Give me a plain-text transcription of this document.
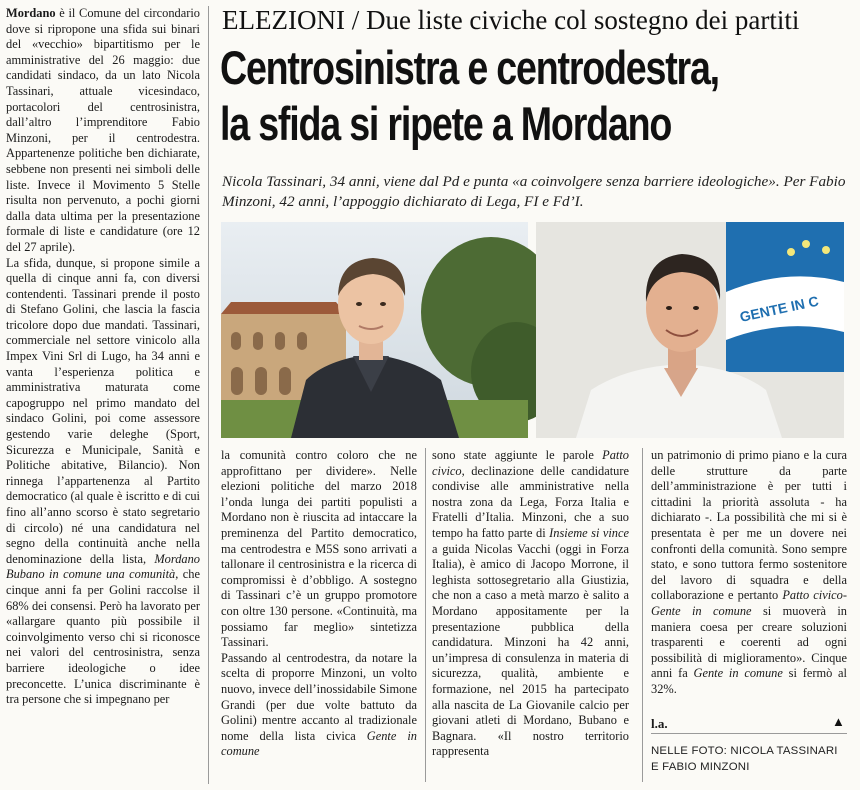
Mordano è il Comune del circondario dove si ripropone una sfida sui binari del «vecchio» bipartitismo per le amministrative del 26 maggio: due candidati sindaco, da un lato Nicola Tassinari, attuale vicesindaco, portacolori del centrosinistra, dall’altro l’imprenditore Fabio Minzoni, per il centrodestra. Appartenenze politiche ben dichiarate, sebbene non presenti nei simboli delle liste. Invece il Movimento 5 Stelle risulta non pervenuto, a pochi giorni dalla data ultima per la presentazione formale di liste e candidature (ore 12 del 27 aprile).

La sfida, dunque, si propone simile a quella di cinque anni fa, con diversi contendenti. Tassinari prende il posto di Stefano Golini, che lascia la fascia tricolore dopo due mandati. Tassinari, commerciale nel settore vinicolo alla Impex Vini Srl di Lugo, ha 34 anni e vanta l’esperienza politica e amministrativa maturata come capogruppo nel primo mandato del sindaco Golini, poi come assessore gestendo varie deleghe (Sport, Sicurezza e Municipale, Sanità e Politiche abitative, Bilancio). Non rinnega l’appartenenza al Partito democratico (al quale è iscritto e di cui fino all’anno scorso è stato segretario di circolo) né una candidatura nel segno della continuità anche nella denominazione della lista, Mordano Bubano in comune una comunità, che cinque anni fa per Golini raccolse il 68% dei consensi. Però ha lavorato per «allargare quanto più possibile il coinvolgimento verso chi si riconosce nei valori del centrosinistra, senza barriere ideologiche o idee preconcette. L’unica discriminante è tra persone che si impegnano per

ELEZIONI / Due liste civiche col sostegno dei partiti
Centrosinistra e centrodestra,
la sfida si ripete a Mordano
Nicola Tassinari, 34 anni, viene dal Pd e punta «a coinvolgere senza barriere ideologiche». Per Fabio Minzoni, 42 anni, l’appoggio dichiarato di Lega, FI e Fd’I.
GENTE IN C

la comunità contro coloro che ne approfittano per dividere». Nelle elezioni politiche del marzo 2018 l’onda lunga dei partiti populisti a Mordano non è riuscita ad intaccare la preminenza del Partito democratico, ma centrodestra e M5S sono arrivati a tallonare il centrosinistra e la ricerca di compromissi è d’obbligo. A sostegno di Tassinari c’è un gruppo promotore con oltre 130 persone. «Continuità, ma possiamo far meglio» sintetizza Tassinari.

Passando al centrodestra, da notare la scelta di proporre Minzoni, un volto nuovo, invece dell’inossidabile Simone Grandi (per due volte battuto da Golini) mentre accanto al tradizionale nome della lista civica Gente in comune

sono state aggiunte le parole Patto civico, declinazione delle candidature condivise alle amministrative nella nostra zona da Lega, Forza Italia e Fratelli d’Italia. Minzoni, che a suo tempo ha fatto parte di Insieme si vince a guida Nicolas Vacchi (oggi in Forza Italia), è amico di Jacopo Morrone, il leghista sottosegretario alla Giustizia, che non a caso a metà marzo è salito a Mordano appositamente per la presentazione pubblica della candidatura. Minzoni ha 42 anni, un’impresa di consulenza in materia di sicurezza, qualità, ambiente e formazione, nel 2015 ha partecipato alla nascita de La Giovanile calcio per giovani atleti di Mordano, Bubano e Bagnara. «Il nostro territorio rappresenta

un patrimonio di primo piano e la cura delle strutture da parte dell’amministrazione è per tutti i cittadini la priorità assoluta - ha dichiarato -. La possibilità che mi si è presentata è per me un dovere nei confronti della comunità. Sono sempre stato, e sono tuttora fermo sostenitore del lavoro di squadra e della collaborazione e pertanto Patto civico-Gente in comune si muoverà in maniera coesa per creare soluzioni trasparenti e coerenti ad ogni possibilità di miglioramento». Cinque anni fa Gente in comune si fermò al 32%.

l.a.	▲
NELLE FOTO: NICOLA TASSINARI
E FABIO MINZONI
